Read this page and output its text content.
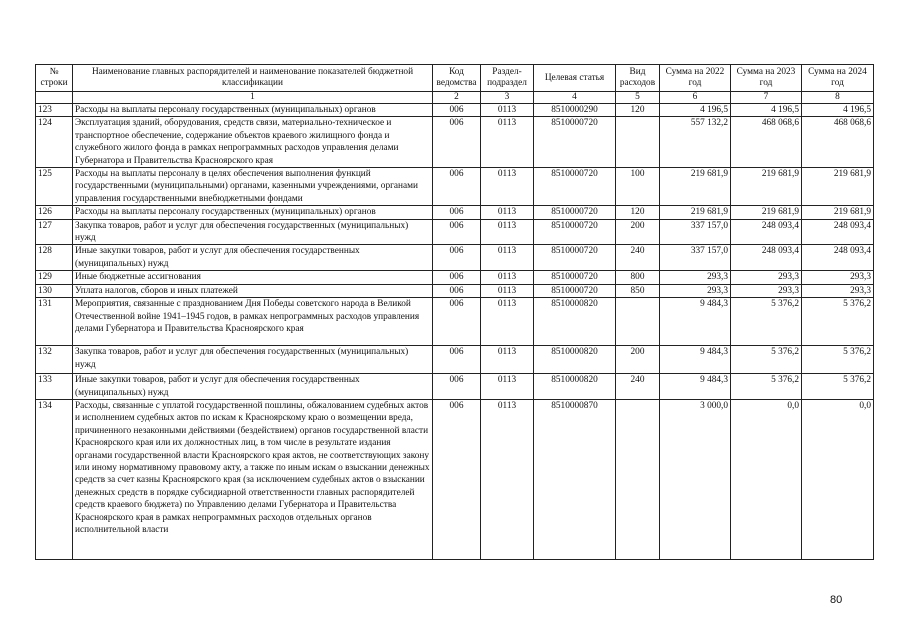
№ строки	Наименование главных распорядителей и наименование показателей бюджетной классификации	Код ведомства	Раздел-подраздел	Целевая статья	Вид расходов	Сумма на 2022 год	Сумма на 2023 год	Сумма на 2024 год
	1	2	3	4	5	6	7	8
123	Расходы на выплаты персоналу государственных (муниципальных) органов	006	0113	8510000290	120	4 196,5	4 196,5	4 196,5
124	Эксплуатация зданий, оборудования, средств связи, материально-техническое и транспортное обеспечение, содержание объектов краевого жилищного фонда и служебного жилого фонда в рамках непрограммных расходов управления делами Губернатора и Правительства Красноярского края	006	0113	8510000720		557 132,2	468 068,6	468 068,6
125	Расходы на выплаты персоналу в целях обеспечения выполнения функций государственными (муниципальными) органами, казенными учреждениями, органами управления государственными внебюджетными фондами	006	0113	8510000720	100	219 681,9	219 681,9	219 681,9
126	Расходы на выплаты персоналу государственных (муниципальных) органов	006	0113	8510000720	120	219 681,9	219 681,9	219 681,9
127	Закупка товаров, работ и услуг для обеспечения государственных (муниципальных) нужд	006	0113	8510000720	200	337 157,0	248 093,4	248 093,4
128	Иные закупки товаров, работ и услуг для обеспечения государственных (муниципальных) нужд	006	0113	8510000720	240	337 157,0	248 093,4	248 093,4
129	Иные бюджетные ассигнования	006	0113	8510000720	800	293,3	293,3	293,3
130	Уплата налогов, сборов и иных платежей	006	0113	8510000720	850	293,3	293,3	293,3
131	Мероприятия, связанные с празднованием Дня Победы советского народа в Великой Отечественной войне 1941–1945 годов, в рамках непрограммных расходов управления делами Губернатора и Правительства Красноярского края	006	0113	8510000820		9 484,3	5 376,2	5 376,2
132	Закупка товаров, работ и услуг для обеспечения государственных (муниципальных) нужд	006	0113	8510000820	200	9 484,3	5 376,2	5 376,2
133	Иные закупки товаров, работ и услуг для обеспечения государственных (муниципальных) нужд	006	0113	8510000820	240	9 484,3	5 376,2	5 376,2
134	Расходы, связанные с уплатой государственной пошлины, обжалованием судебных актов и исполнением судебных актов по искам к Красноярскому краю о возмещении вреда, причиненного незаконными действиями (бездействием) органов государственной власти Красноярского края или их должностных лиц, в том числе в результате издания органами государственной власти Красноярского края актов, не соответствующих закону или иному нормативному правовому акту, а также по иным искам о взыскании денежных средств за счет казны Красноярского края (за исключением судебных актов о взыскании денежных средств в порядке субсидиарной ответственности главных распорядителей средств краевого бюджета) по Управлению делами Губернатора и Правительства Красноярского края в рамках непрограммных расходов отдельных органов исполнительной власти	006	0113	8510000870		3 000,0	0,0	0,0
80
